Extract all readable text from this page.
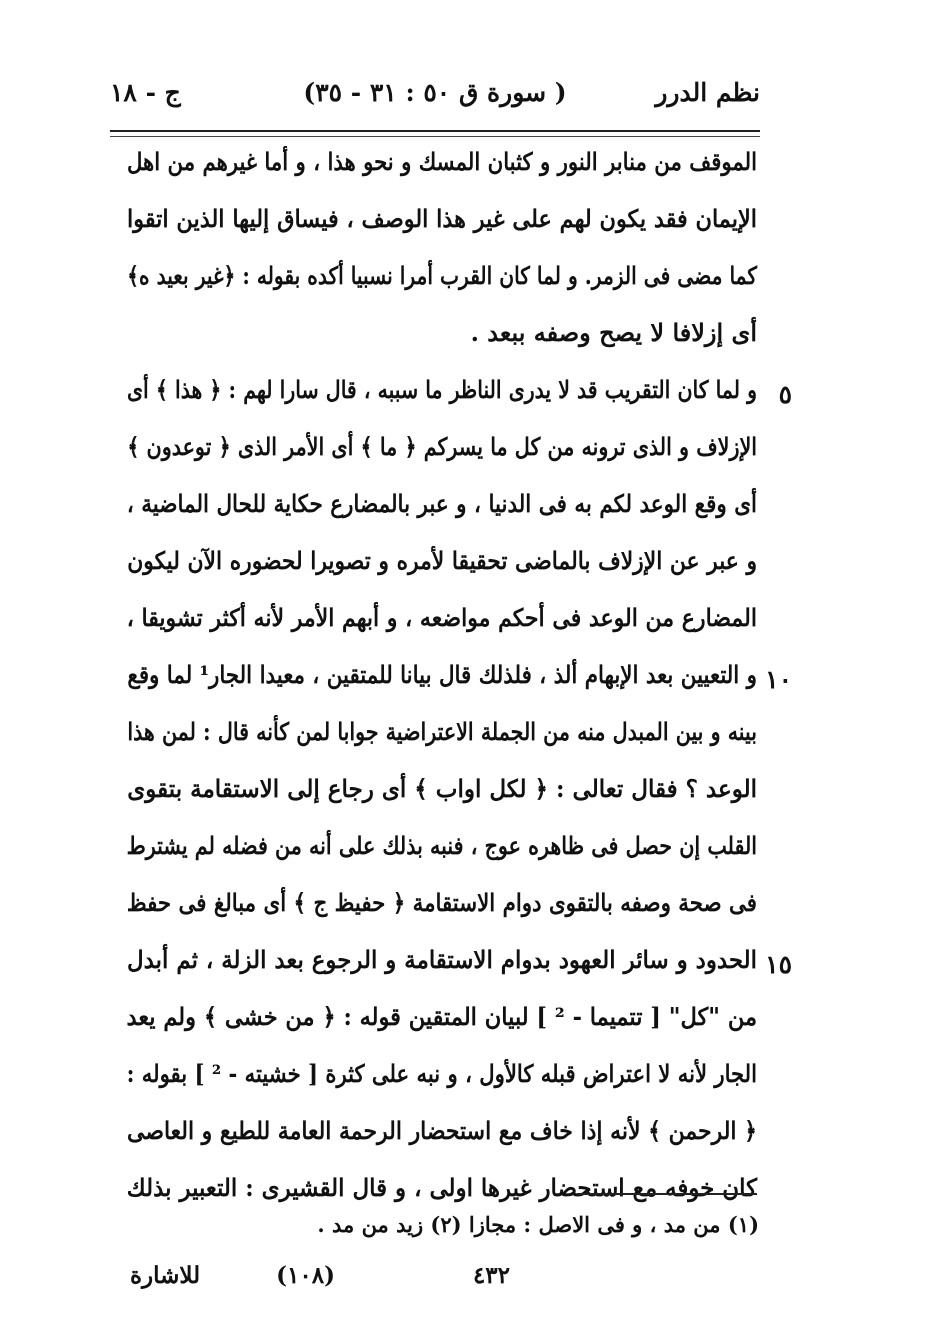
نظم الدرر
( سورة ق ٥٠ : ٣١ - ٣٥)
ج - ١٨
الموقف من منابر النور و كثبان المسك و نحو هذا ، و أما غيرهم من اهل
الإيمان فقد يكون لهم على غير هذا الوصف ، فيساق إليها الذين اتقوا
كما مضى فى الزمر. و لما كان القرب أمرا نسبيا أكده بقوله : ﴿غير بعيد ه﴾
أى إزلافا لا يصح وصفه ببعد .
و لما كان التقريب قد لا يدرى الناظر ما سببه ، قال سارا لهم : ﴿ هذا ﴾ أى ٥
الإزلاف و الذى ترونه من كل ما يسركم ﴿ ما ﴾ أى الأمر الذى ﴿ توعدون ﴾
أى وقع الوعد لكم به فى الدنيا ، و عبر بالمضارع حكاية للحال الماضية ،
و عبر عن الإزلاف بالماضى تحقيقا لأمره و تصويرا لحضوره الآن ليكون
المضارع من الوعد فى أحكم مواضعه ، و أبهم الأمر لأنه أكثر تشويقا ،
و التعيين بعد الإبهام ألذ ، فلذلك قال بيانا للمتقين ، معيدا الجار¹ لما وقع ١٠
بينه و بين المبدل منه من الجملة الاعتراضية جوابا لمن كأنه قال : لمن هذا
الوعد ؟ فقال تعالى : ﴿ لكل اواب ﴾ أى رجاع إلى الاستقامة بتقوى
القلب إن حصل فى ظاهره عوج ، فنبه بذلك على أنه من فضله لم يشترط
فى صحة وصفه بالتقوى دوام الاستقامة ﴿ حفيظ ج ﴾ أى مبالغ فى حفظ
الحدود و سائر العهود بدوام الاستقامة و الرجوع بعد الزلة ، ثم أبدل ١٥
من "كل" [ تتميما - ² ] لبيان المتقين قوله : ﴿ من خشى ﴾ ولم يعد
الجار لأنه لا اعتراض قبله كالأول ، و نبه على كثرة [ خشيته - ² ] بقوله :
﴿ الرحمن ﴾ لأنه إذا خاف مع استحضار الرحمة العامة للطيع و العاصى
كان خوفه مع استحضار غيرها اولى ، و قال القشيرى : التعبير بذلك
(١) من مد ، و فى الاصل : مجازا (٢) زيد من مد .
٤٣٢
(١٠٨)
للاشارة
